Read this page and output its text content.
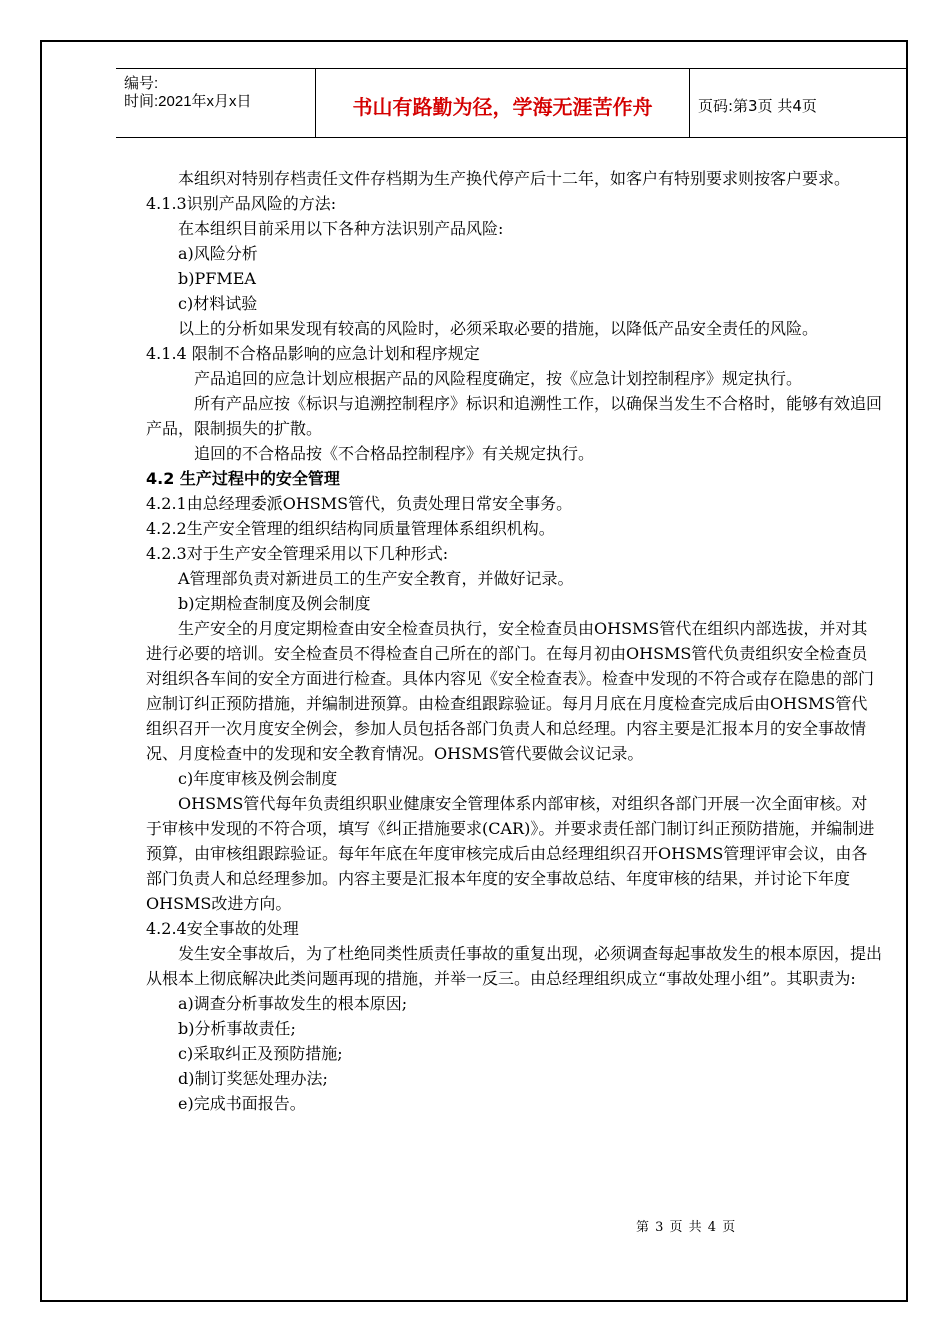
编号:
时间:2021年x月x日	书山有路勤为径，学海无涯苦作舟	页码:第3页 共4页

本组织对特别存档责任文件存档期为生产换代停产后十二年，如客户有特别要求则按客户要求。

4.1.3识别产品风险的方法:

在本组织目前采用以下各种方法识别产品风险:

a)风险分析

b)PFMEA

c)材料试验

以上的分析如果发现有较高的风险时，必须采取必要的措施，以降低产品安全责任的风险。

4.1.4 限制不合格品影响的应急计划和程序规定

产品追回的应急计划应根据产品的风险程度确定，按《应急计划控制程序》规定执行。

所有产品应按《标识与追溯控制程序》标识和追溯性工作，以确保当发生不合格时，能够有效追回产品，限制损失的扩散。

追回的不合格品按《不合格品控制程序》有关规定执行。

4.2 生产过程中的安全管理

4.2.1由总经理委派OHSMS管代，负责处理日常安全事务。

4.2.2生产安全管理的组织结构同质量管理体系组织机构。

4.2.3对于生产安全管理采用以下几种形式:

A管理部负责对新进员工的生产安全教育，并做好记录。

b)定期检查制度及例会制度

生产安全的月度定期检查由安全检查员执行，安全检查员由OHSMS管代在组织内部选拔，并对其进行必要的培训。安全检查员不得检查自己所在的部门。在每月初由OHSMS管代负责组织安全检查员对组织各车间的安全方面进行检查。具体内容见《安全检查表》。检查中发现的不符合或存在隐患的部门应制订纠正预防措施，并编制进预算。由检查组跟踪验证。每月月底在月度检查完成后由OHSMS管代组织召开一次月度安全例会，参加人员包括各部门负责人和总经理。内容主要是汇报本月的安全事故情况、月度检查中的发现和安全教育情况。OHSMS管代要做会议记录。

c)年度审核及例会制度

OHSMS管代每年负责组织职业健康安全管理体系内部审核，对组织各部门开展一次全面审核。对于审核中发现的不符合项，填写《纠正措施要求(CAR)》。并要求责任部门制订纠正预防措施，并编制进预算，由审核组跟踪验证。每年年底在年度审核完成后由总经理组织召开OHSMS管理评审会议，由各部门负责人和总经理参加。内容主要是汇报本年度的安全事故总结、年度审核的结果，并讨论下年度OHSMS改进方向。

4.2.4安全事故的处理

发生安全事故后，为了杜绝同类性质责任事故的重复出现，必须调查每起事故发生的根本原因，提出从根本上彻底解决此类问题再现的措施，并举一反三。由总经理组织成立“事故处理小组”。其职责为:

a)调查分析事故发生的根本原因;

b)分析事故责任;

c)采取纠正及预防措施;

d)制订奖惩处理办法;

e)完成书面报告。

第 3 页 共 4 页
